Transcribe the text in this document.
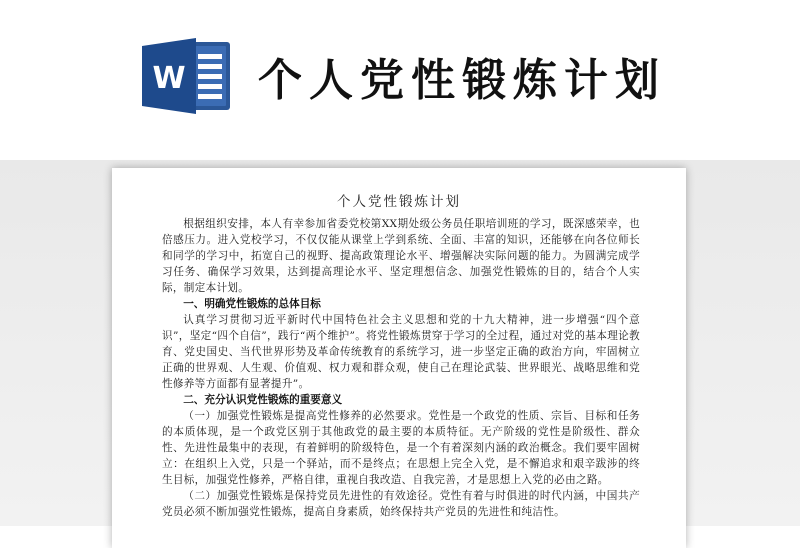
W 个人党性锻炼计划
个人党性锻炼计划

根据组织安排，本人有幸参加省委党校第XX期处级公务员任职培训班的学习，既深感荣幸，也倍感压力。进入党校学习，不仅仅能从课堂上学到系统、全面、丰富的知识，还能够在向各位师长和同学的学习中，拓宽自己的视野、提高政策理论水平、增强解决实际问题的能力。为圆满完成学习任务、确保学习效果，达到提高理论水平、坚定理想信念、加强党性锻炼的目的，结合个人实际，制定本计划。

一、明确党性锻炼的总体目标

认真学习贯彻习近平新时代中国特色社会主义思想和党的十九大精神，进一步增强“四个意识”，坚定“四个自信”，践行“两个维护”。将党性锻炼贯穿于学习的全过程，通过对党的基本理论教育、党史国史、当代世界形势及革命传统教育的系统学习，进一步坚定正确的政治方向，牢固树立正确的世界观、人生观、价值观、权力观和群众观，使自己在理论武装、世界眼光、战略思维和党性修养等方面都有显著提升”。

二、充分认识党性锻炼的重要意义

（一）加强党性锻炼是提高党性修养的必然要求。党性是一个政党的性质、宗旨、目标和任务的本质体现，是一个政党区别于其他政党的最主要的本质特征。无产阶级的党性是阶级性、群众性、先进性最集中的表现，有着鲜明的阶级特色，是一个有着深刻内涵的政治概念。我们要牢固树立：在组织上入党，只是一个驿站，而不是终点；在思想上完全入党，是不懈追求和艰辛跋涉的终生目标，加强党性修养，严格自律，重视自我改造、自我完善，才是思想上入党的必由之路。

（二）加强党性锻炼是保持党员先进性的有效途径。党性有着与时俱进的时代内涵，中国共产党员必须不断加强党性锻炼，提高自身素质，始终保持共产党员的先进性和纯洁性。
